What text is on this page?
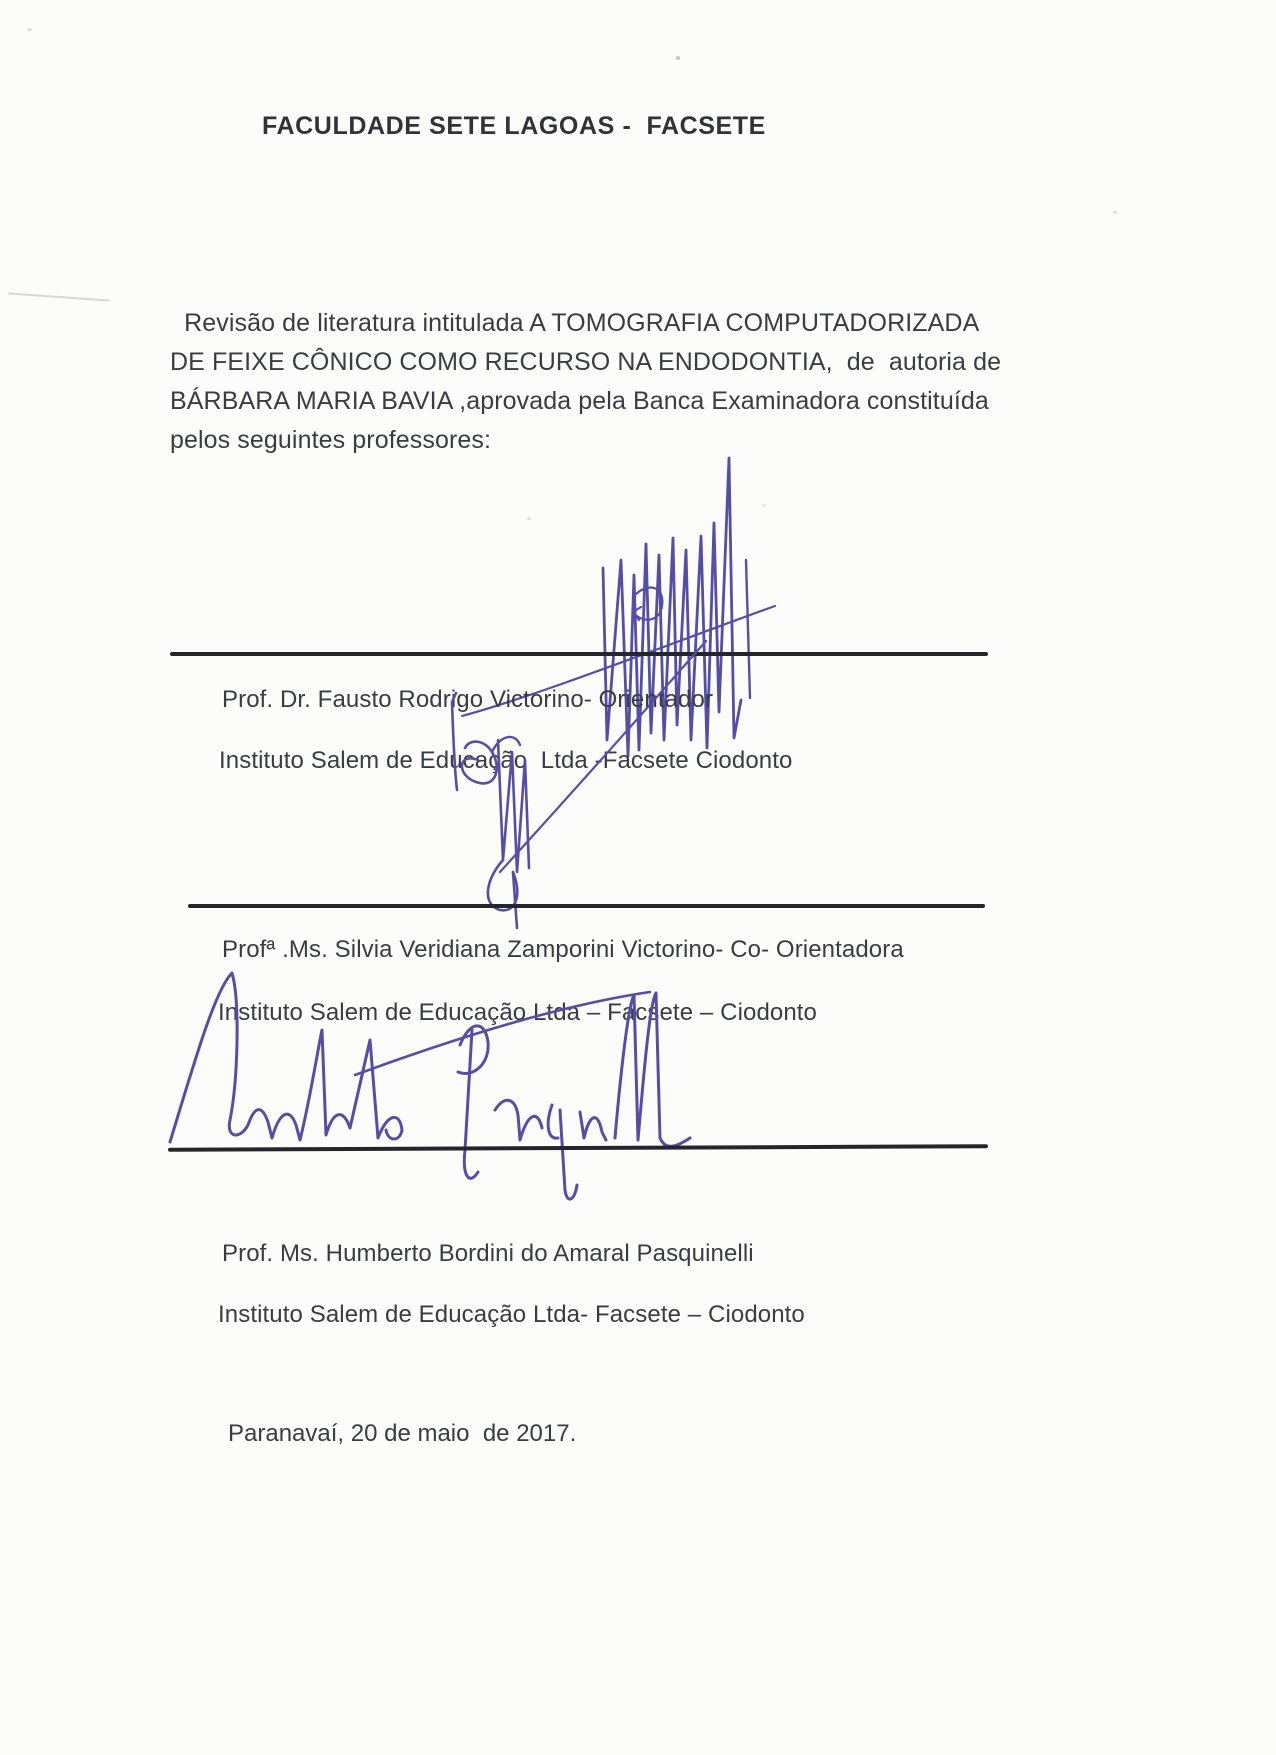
FACULDADE SETE LAGOAS -  FACSETE
Revisão de literatura intitulada A TOMOGRAFIA COMPUTADORIZADA
DE FEIXE CÔNICO COMO RECURSO NA ENDODONTIA,  de  autoria de
BÁRBARA MARIA BAVIA ,aprovada pela Banca Examinadora constituída
pelos seguintes professores:
Prof. Dr. Fausto Rodrigo Victorino- Orientador
Instituto Salem de Educação  Ltda -Facsete Ciodonto
Profª .Ms. Silvia Veridiana Zamporini Victorino- Co- Orientadora
Instituto Salem de Educação Ltda – Facsete – Ciodonto
Prof. Ms. Humberto Bordini do Amaral Pasquinelli
Instituto Salem de Educação Ltda- Facsete – Ciodonto
Paranavaí, 20 de maio  de 2017.
